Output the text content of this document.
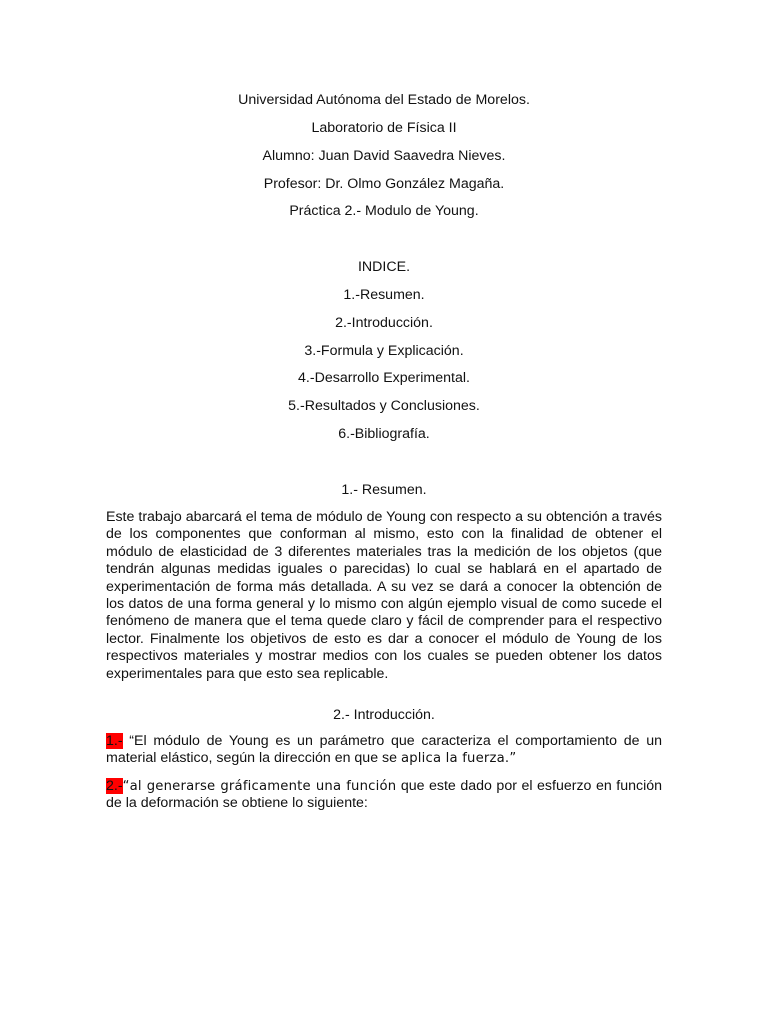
Universidad Autónoma del Estado de Morelos.
Laboratorio de Física II
Alumno: Juan David Saavedra Nieves.
Profesor: Dr. Olmo González Magaña.
Práctica 2.- Modulo de Young.
INDICE.
1.-Resumen.
2.-Introducción.
3.-Formula y Explicación.
4.-Desarrollo Experimental.
5.-Resultados y Conclusiones.
6.-Bibliografía.
1.- Resumen.
Este trabajo abarcará el tema de módulo de Young con respecto a su obtención a través de los componentes que conforman al mismo, esto con la finalidad de obtener el módulo de elasticidad de 3 diferentes materiales tras la medición de los objetos (que tendrán algunas medidas iguales o parecidas) lo cual se hablará en el apartado de experimentación de forma más detallada. A su vez se dará a conocer la obtención de los datos de una forma general y lo mismo con algún ejemplo visual de como sucede el fenómeno de manera que el tema quede claro y fácil de comprender para el respectivo lector. Finalmente los objetivos de esto es dar a conocer el módulo de Young de los respectivos materiales y mostrar medios con los cuales se pueden obtener los datos experimentales para que esto sea replicable.
2.- Introducción.
1.- “El módulo de Young es un parámetro que caracteriza el comportamiento de un material elástico, según la dirección en que se aplica la fuerza.”
2.-“al generarse gráficamente una función que este dado por el esfuerzo en función de la deformación se obtiene lo siguiente:
